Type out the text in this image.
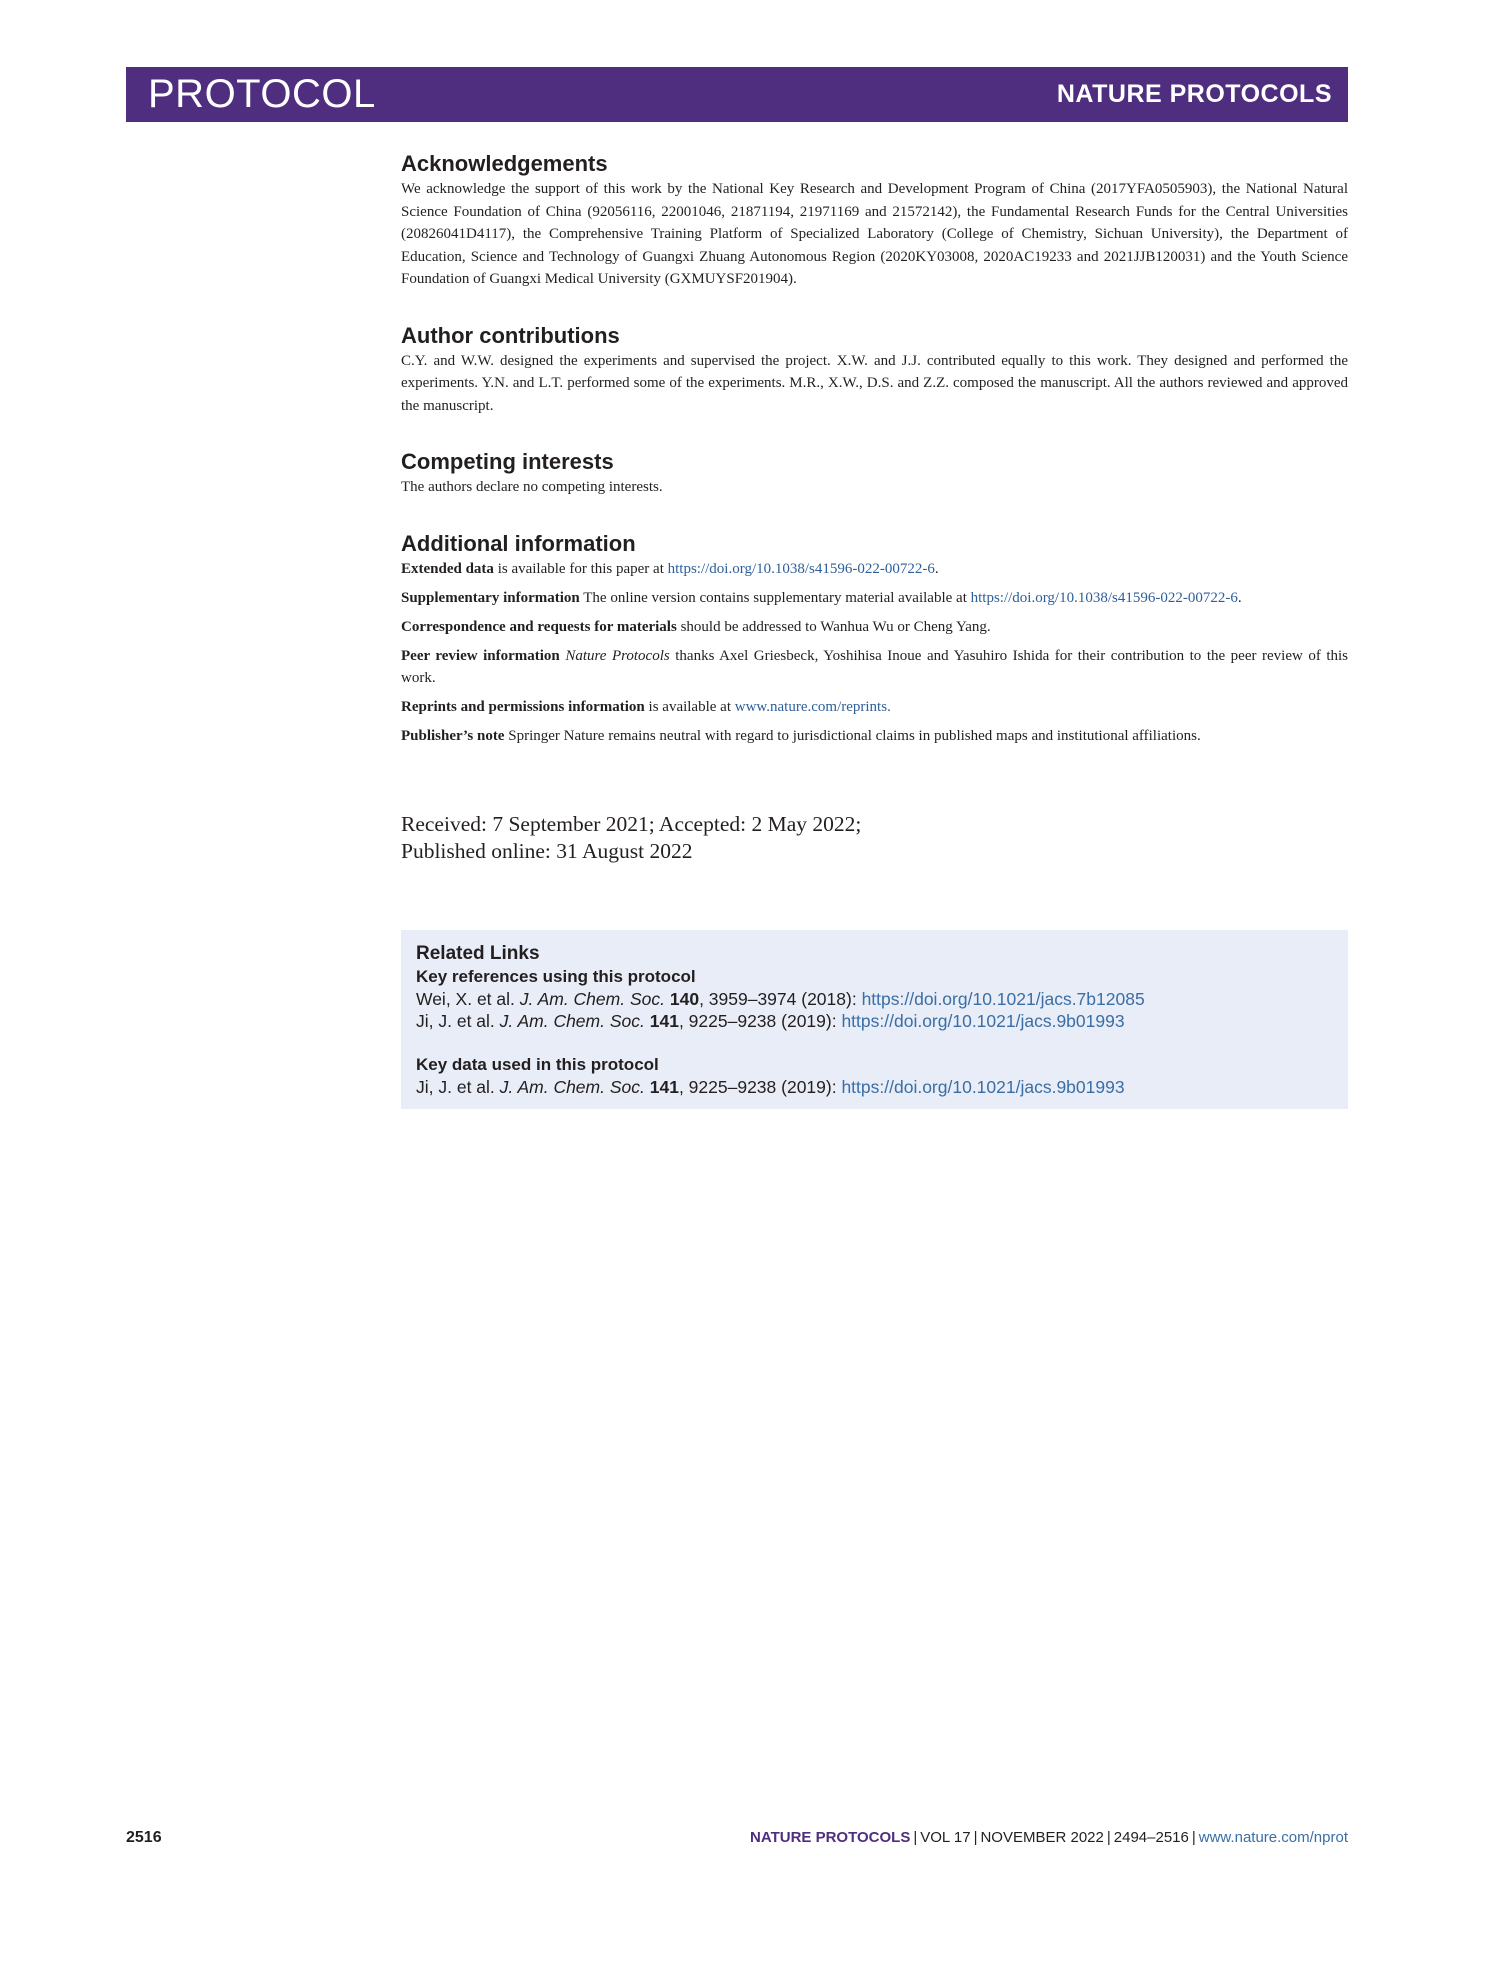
PROTOCOL	NATURE PROTOCOLS
Acknowledgements

We acknowledge the support of this work by the National Key Research and Development Program of China (2017YFA0505903), the National Natural Science Foundation of China (92056116, 22001046, 21871194, 21971169 and 21572142), the Fundamental Research Funds for the Central Universities (20826041D4117), the Comprehensive Training Platform of Specialized Laboratory (College of Chemistry, Sichuan University), the Department of Education, Science and Technology of Guangxi Zhuang Autonomous Region (2020KY03008, 2020AC19233 and 2021JJB120031) and the Youth Science Foundation of Guangxi Medical University (GXMUYSF201904).

Author contributions

C.Y. and W.W. designed the experiments and supervised the project. X.W. and J.J. contributed equally to this work. They designed and performed the experiments. Y.N. and L.T. performed some of the experiments. M.R., X.W., D.S. and Z.Z. composed the manuscript. All the authors reviewed and approved the manuscript.

Competing interests

The authors declare no competing interests.

Additional information

Extended data is available for this paper at https://doi.org/10.1038/s41596-022-00722-6.

Supplementary information The online version contains supplementary material available at https://doi.org/10.1038/s41596-022-00722-6.

Correspondence and requests for materials should be addressed to Wanhua Wu or Cheng Yang.

Peer review information Nature Protocols thanks Axel Griesbeck, Yoshihisa Inoue and Yasuhiro Ishida for their contribution to the peer review of this work.

Reprints and permissions information is available at www.nature.com/reprints.

Publisher’s note Springer Nature remains neutral with regard to jurisdictional claims in published maps and institutional affiliations.

Received: 7 September 2021; Accepted: 2 May 2022;

Published online: 31 August 2022

Related Links
Key references using this protocol

Wei, X. et al. J. Am. Chem. Soc. 140, 3959–3974 (2018): https://doi.org/10.1021/jacs.7b12085

Ji, J. et al. J. Am. Chem. Soc. 141, 9225–9238 (2019): https://doi.org/10.1021/jacs.9b01993

Key data used in this protocol

Ji, J. et al. J. Am. Chem. Soc. 141, 9225–9238 (2019): https://doi.org/10.1021/jacs.9b01993

2516	NATURE PROTOCOLS | VOL 17 | NOVEMBER 2022 | 2494–2516 | www.nature.com/nprot
